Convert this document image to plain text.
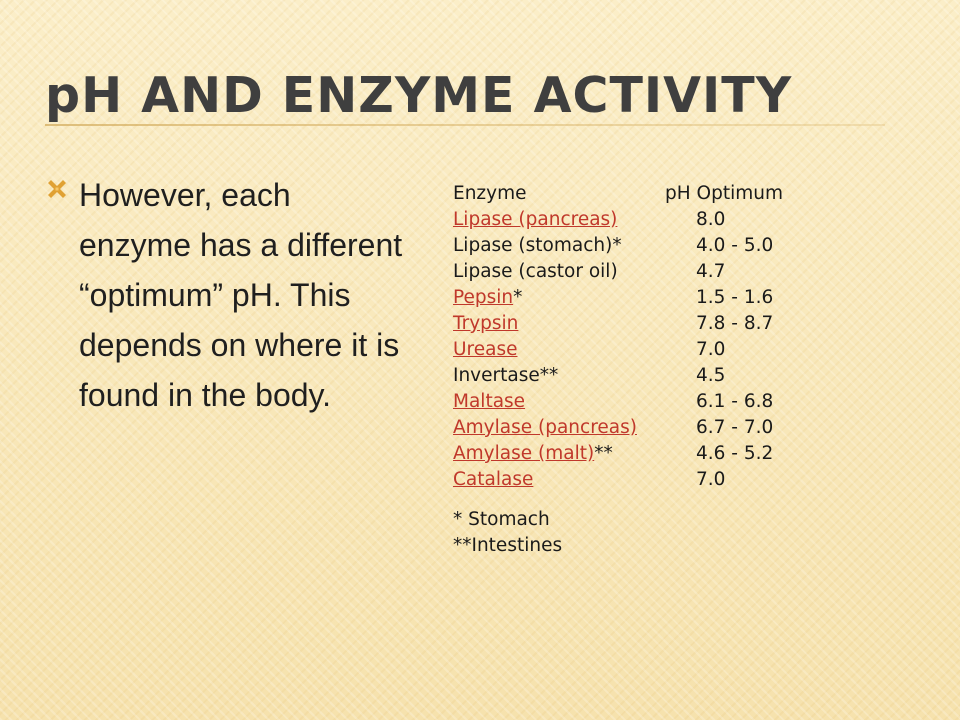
pH AND ENZYME ACTIVITY
However, each enzyme has a different “optimum” pH. This depends on where it is found in the body.
Enzyme	pH Optimum
Lipase (pancreas)	8.0
Lipase (stomach)*	4.0 - 5.0
Lipase (castor oil)	4.7
Pepsin*	1.5 - 1.6
Trypsin	7.8 - 8.7
Urease	7.0
Invertase**	4.5
Maltase	6.1 - 6.8
Amylase (pancreas)	6.7 - 7.0
Amylase (malt)**	4.6 - 5.2
Catalase	7.0
* Stomach
**Intestines
